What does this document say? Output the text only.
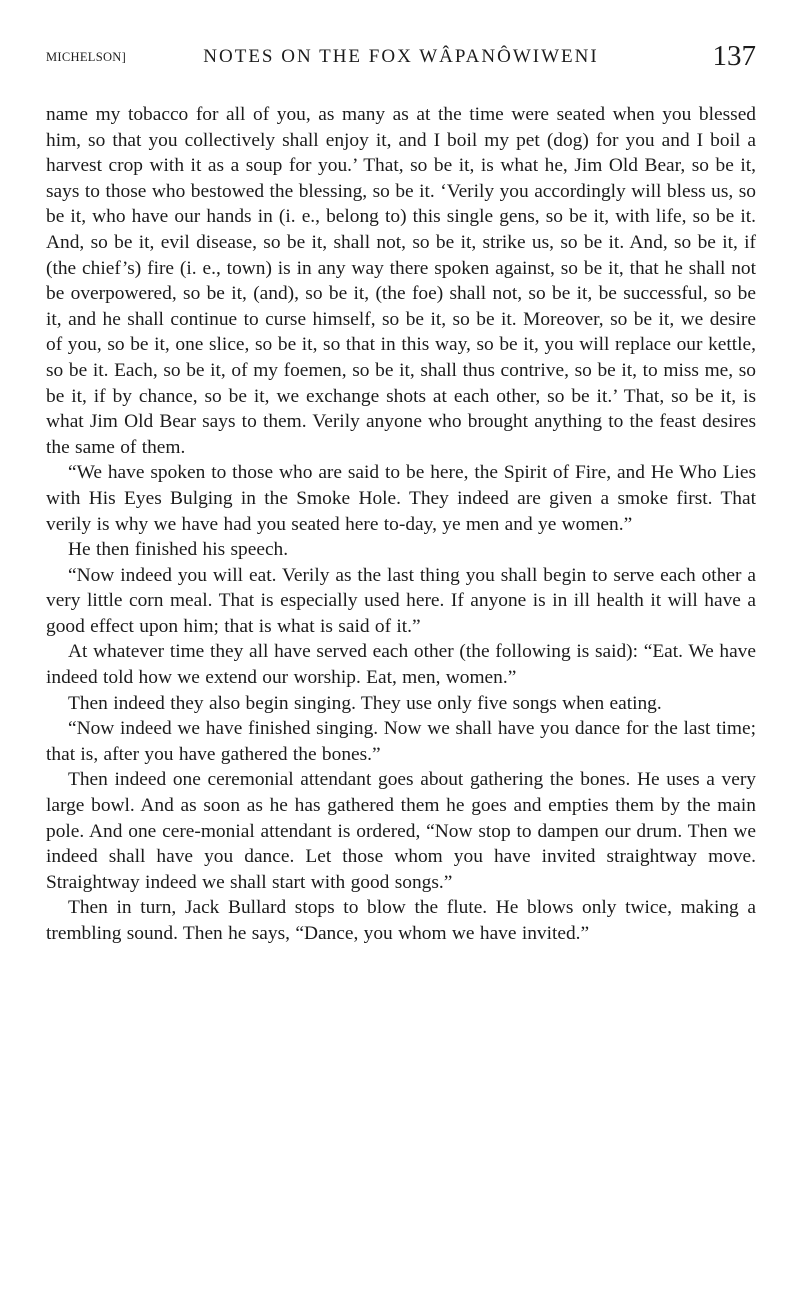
MICHELSON]	NOTES ON THE FOX WÂPANÔWIWENI	137

name my tobacco for all of you, as many as at the time were seated when you blessed him, so that you collectively shall enjoy it, and I boil my pet (dog) for you and I boil a harvest crop with it as a soup for you.’ That, so be it, is what he, Jim Old Bear, so be it, says to those who bestowed the blessing, so be it. ‘Verily you accordingly will bless us, so be it, who have our hands in (i. e., belong to) this single gens, so be it, with life, so be it. And, so be it, evil disease, so be it, shall not, so be it, strike us, so be it. And, so be it, if (the chief’s) fire (i. e., town) is in any way there spoken against, so be it, that he shall not be overpowered, so be it, (and), so be it, (the foe) shall not, so be it, be successful, so be it, and he shall continue to curse himself, so be it, so be it. Moreover, so be it, we desire of you, so be it, one slice, so be it, so that in this way, so be it, you will replace our kettle, so be it. Each, so be it, of my foemen, so be it, shall thus contrive, so be it, to miss me, so be it, if by chance, so be it, we exchange shots at each other, so be it.’ That, so be it, is what Jim Old Bear says to them. Verily anyone who brought anything to the feast desires the same of them.

“We have spoken to those who are said to be here, the Spirit of Fire, and He Who Lies with His Eyes Bulging in the Smoke Hole. They indeed are given a smoke first. That verily is why we have had you seated here to-day, ye men and ye women.”

He then finished his speech.

“Now indeed you will eat. Verily as the last thing you shall begin to serve each other a very little corn meal. That is especially used here. If anyone is in ill health it will have a good effect upon him; that is what is said of it.”

At whatever time they all have served each other (the following is said): “Eat. We have indeed told how we extend our worship. Eat, men, women.”

Then indeed they also begin singing. They use only five songs when eating.

“Now indeed we have finished singing. Now we shall have you dance for the last time; that is, after you have gathered the bones.”

Then indeed one ceremonial attendant goes about gathering the bones. He uses a very large bowl. And as soon as he has gathered them he goes and empties them by the main pole. And one cere-monial attendant is ordered, “Now stop to dampen our drum. Then we indeed shall have you dance. Let those whom you have invited straightway move. Straightway indeed we shall start with good songs.”

Then in turn, Jack Bullard stops to blow the flute. He blows only twice, making a trembling sound. Then he says, “Dance, you whom we have invited.”
